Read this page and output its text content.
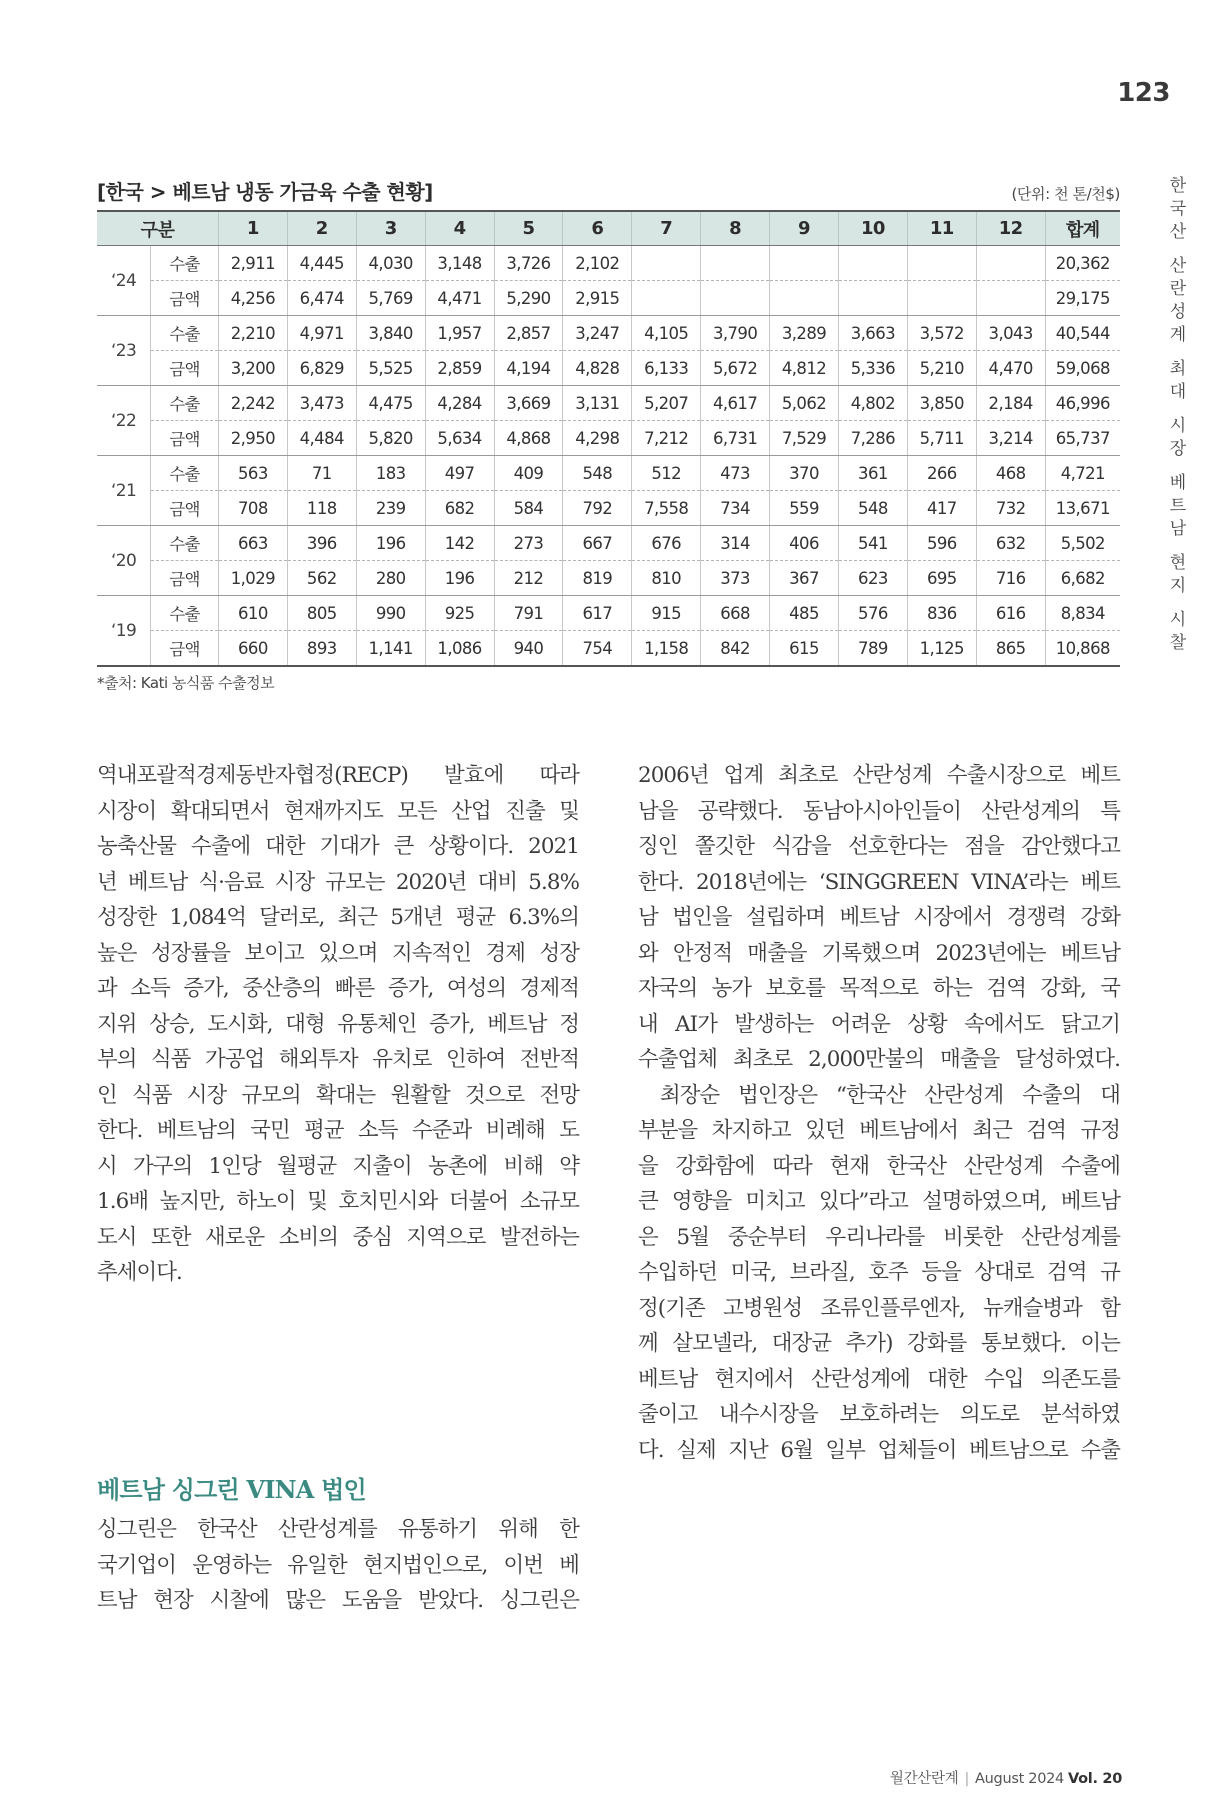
123
한
국
산
산
란
성
계
최
대
시
장
베
트
남
현
지
시
찰
[한국 > 베트남 냉동 가금육 수출 현황]	(단위: 천 톤/천$)
구분		1	2	3	4	5	6	7	8	9	10	11	12	합계
‘24	수출	2,911	4,445	4,030	3,148	3,726	2,102							20,362
	금액	4,256	6,474	5,769	4,471	5,290	2,915							29,175
‘23	수출	2,210	4,971	3,840	1,957	2,857	3,247	4,105	3,790	3,289	3,663	3,572	3,043	40,544
	금액	3,200	6,829	5,525	2,859	4,194	4,828	6,133	5,672	4,812	5,336	5,210	4,470	59,068
‘22	수출	2,242	3,473	4,475	4,284	3,669	3,131	5,207	4,617	5,062	4,802	3,850	2,184	46,996
	금액	2,950	4,484	5,820	5,634	4,868	4,298	7,212	6,731	7,529	7,286	5,711	3,214	65,737
‘21	수출	563	71	183	497	409	548	512	473	370	361	266	468	4,721
	금액	708	118	239	682	584	792	7,558	734	559	548	417	732	13,671
‘20	수출	663	396	196	142	273	667	676	314	406	541	596	632	5,502
	금액	1,029	562	280	196	212	819	810	373	367	623	695	716	6,682
‘19	수출	610	805	990	925	791	617	915	668	485	576	836	616	8,834
	금액	660	893	1,141	1,086	940	754	1,158	842	615	789	1,125	865	10,868
*출처: Kati 농식품 수출정보
역내포괄적경제동반자협정(RECP) 발효에 따라
시장이 확대되면서 현재까지도 모든 산업 진출 및
농축산물 수출에 대한 기대가 큰 상황이다. 2021
년 베트남 식·음료 시장 규모는 2020년 대비 5.8%
성장한 1,084억 달러로, 최근 5개년 평균 6.3%의
높은 성장률을 보이고 있으며 지속적인 경제 성장
과 소득 증가, 중산층의 빠른 증가, 여성의 경제적
지위 상승, 도시화, 대형 유통체인 증가, 베트남 정
부의 식품 가공업 해외투자 유치로 인하여 전반적
인 식품 시장 규모의 확대는 원활할 것으로 전망
한다. 베트남의 국민 평균 소득 수준과 비례해 도
시 가구의 1인당 월평균 지출이 농촌에 비해 약
1.6배 높지만, 하노이 및 호치민시와 더불어 소규모
도시 또한 새로운 소비의 중심 지역으로 발전하는
추세이다.
베트남 싱그린 VINA 법인
싱그린은 한국산 산란성계를 유통하기 위해 한
국기업이 운영하는 유일한 현지법인으로, 이번 베
트남 현장 시찰에 많은 도움을 받았다. 싱그린은
2006년 업계 최초로 산란성계 수출시장으로 베트
남을 공략했다. 동남아시아인들이 산란성계의 특
징인 쫄깃한 식감을 선호한다는 점을 감안했다고
한다. 2018년에는 ‘SINGGREEN VINA’라는 베트
남 법인을 설립하며 베트남 시장에서 경쟁력 강화
와 안정적 매출을 기록했으며 2023년에는 베트남
자국의 농가 보호를 목적으로 하는 검역 강화, 국
내 AI가 발생하는 어려운 상황 속에서도 닭고기
수출업체 최초로 2,000만불의 매출을 달성하였다.
최장순 법인장은 “한국산 산란성계 수출의 대
부분을 차지하고 있던 베트남에서 최근 검역 규정
을 강화함에 따라 현재 한국산 산란성계 수출에
큰 영향을 미치고 있다”라고 설명하였으며, 베트남
은 5월 중순부터 우리나라를 비롯한 산란성계를
수입하던 미국, 브라질, 호주 등을 상대로 검역 규
정(기존 고병원성 조류인플루엔자, 뉴캐슬병과 함
께 살모넬라, 대장균 추가) 강화를 통보했다. 이는
베트남 현지에서 산란성계에 대한 수입 의존도를
줄이고 내수시장을 보호하려는 의도로 분석하였
다. 실제 지난 6월 일부 업체들이 베트남으로 수출
월간산란계 | August 2024 Vol. 20
